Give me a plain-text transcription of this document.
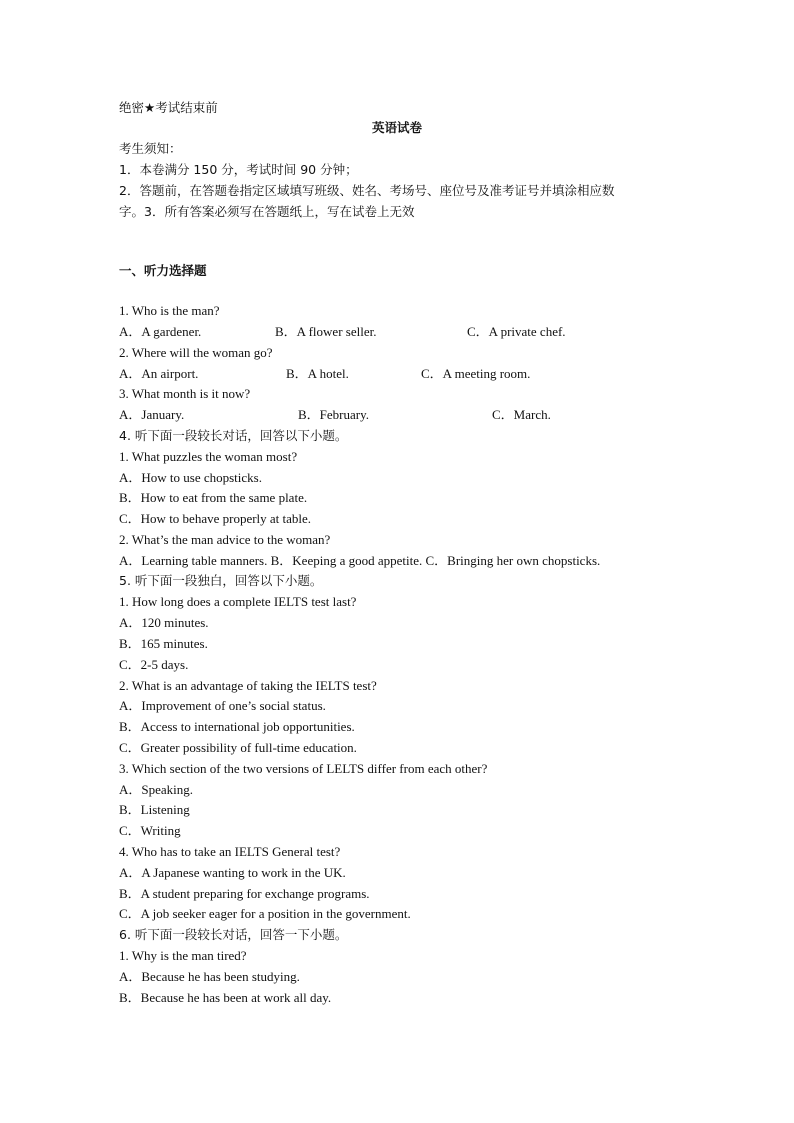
绝密★考试结束前
英语试卷
考生须知：
1．本卷满分 150 分，考试时间 90 分钟；
2．答题前，在答题卷指定区域填写班级、姓名、考场号、座位号及准考证号并填涂相应数
字。3．所有答案必须写在答题纸上，写在试卷上无效
一、听力选择题
1. Who is the man?
A．A gardener.	B．A flower seller.	C．A private chef.
2. Where will the woman go?
A．An airport.	B．A hotel.	C．A meeting room.
3. What month is it now?
A．January.	B．February.	C．March.
4. 听下面一段较长对话，回答以下小题。
1. What puzzles the woman most?
A．How to use chopsticks.
B．How to eat from the same plate.
C．How to behave properly at table.
2. What’s the man advice to the woman?
A．Learning table manners. B．Keeping a good appetite. C．Bringing her own chopsticks.
5. 听下面一段独白，回答以下小题。
1. How long does a complete IELTS test last?
A．120 minutes.
B．165 minutes.
C．2-5 days.
2. What is an advantage of taking the IELTS test?
A．Improvement of one’s social status.
B．Access to international job opportunities.
C．Greater possibility of full-time education.
3. Which section of the two versions of LELTS differ from each other?
A．Speaking.
B．Listening
C．Writing
4. Who has to take an IELTS General test?
A．A Japanese wanting to work in the UK.
B．A student preparing for exchange programs.
C．A job seeker eager for a position in the government.
6. 听下面一段较长对话，回答一下小题。
1. Why is the man tired?
A．Because he has been studying.
B．Because he has been at work all day.
